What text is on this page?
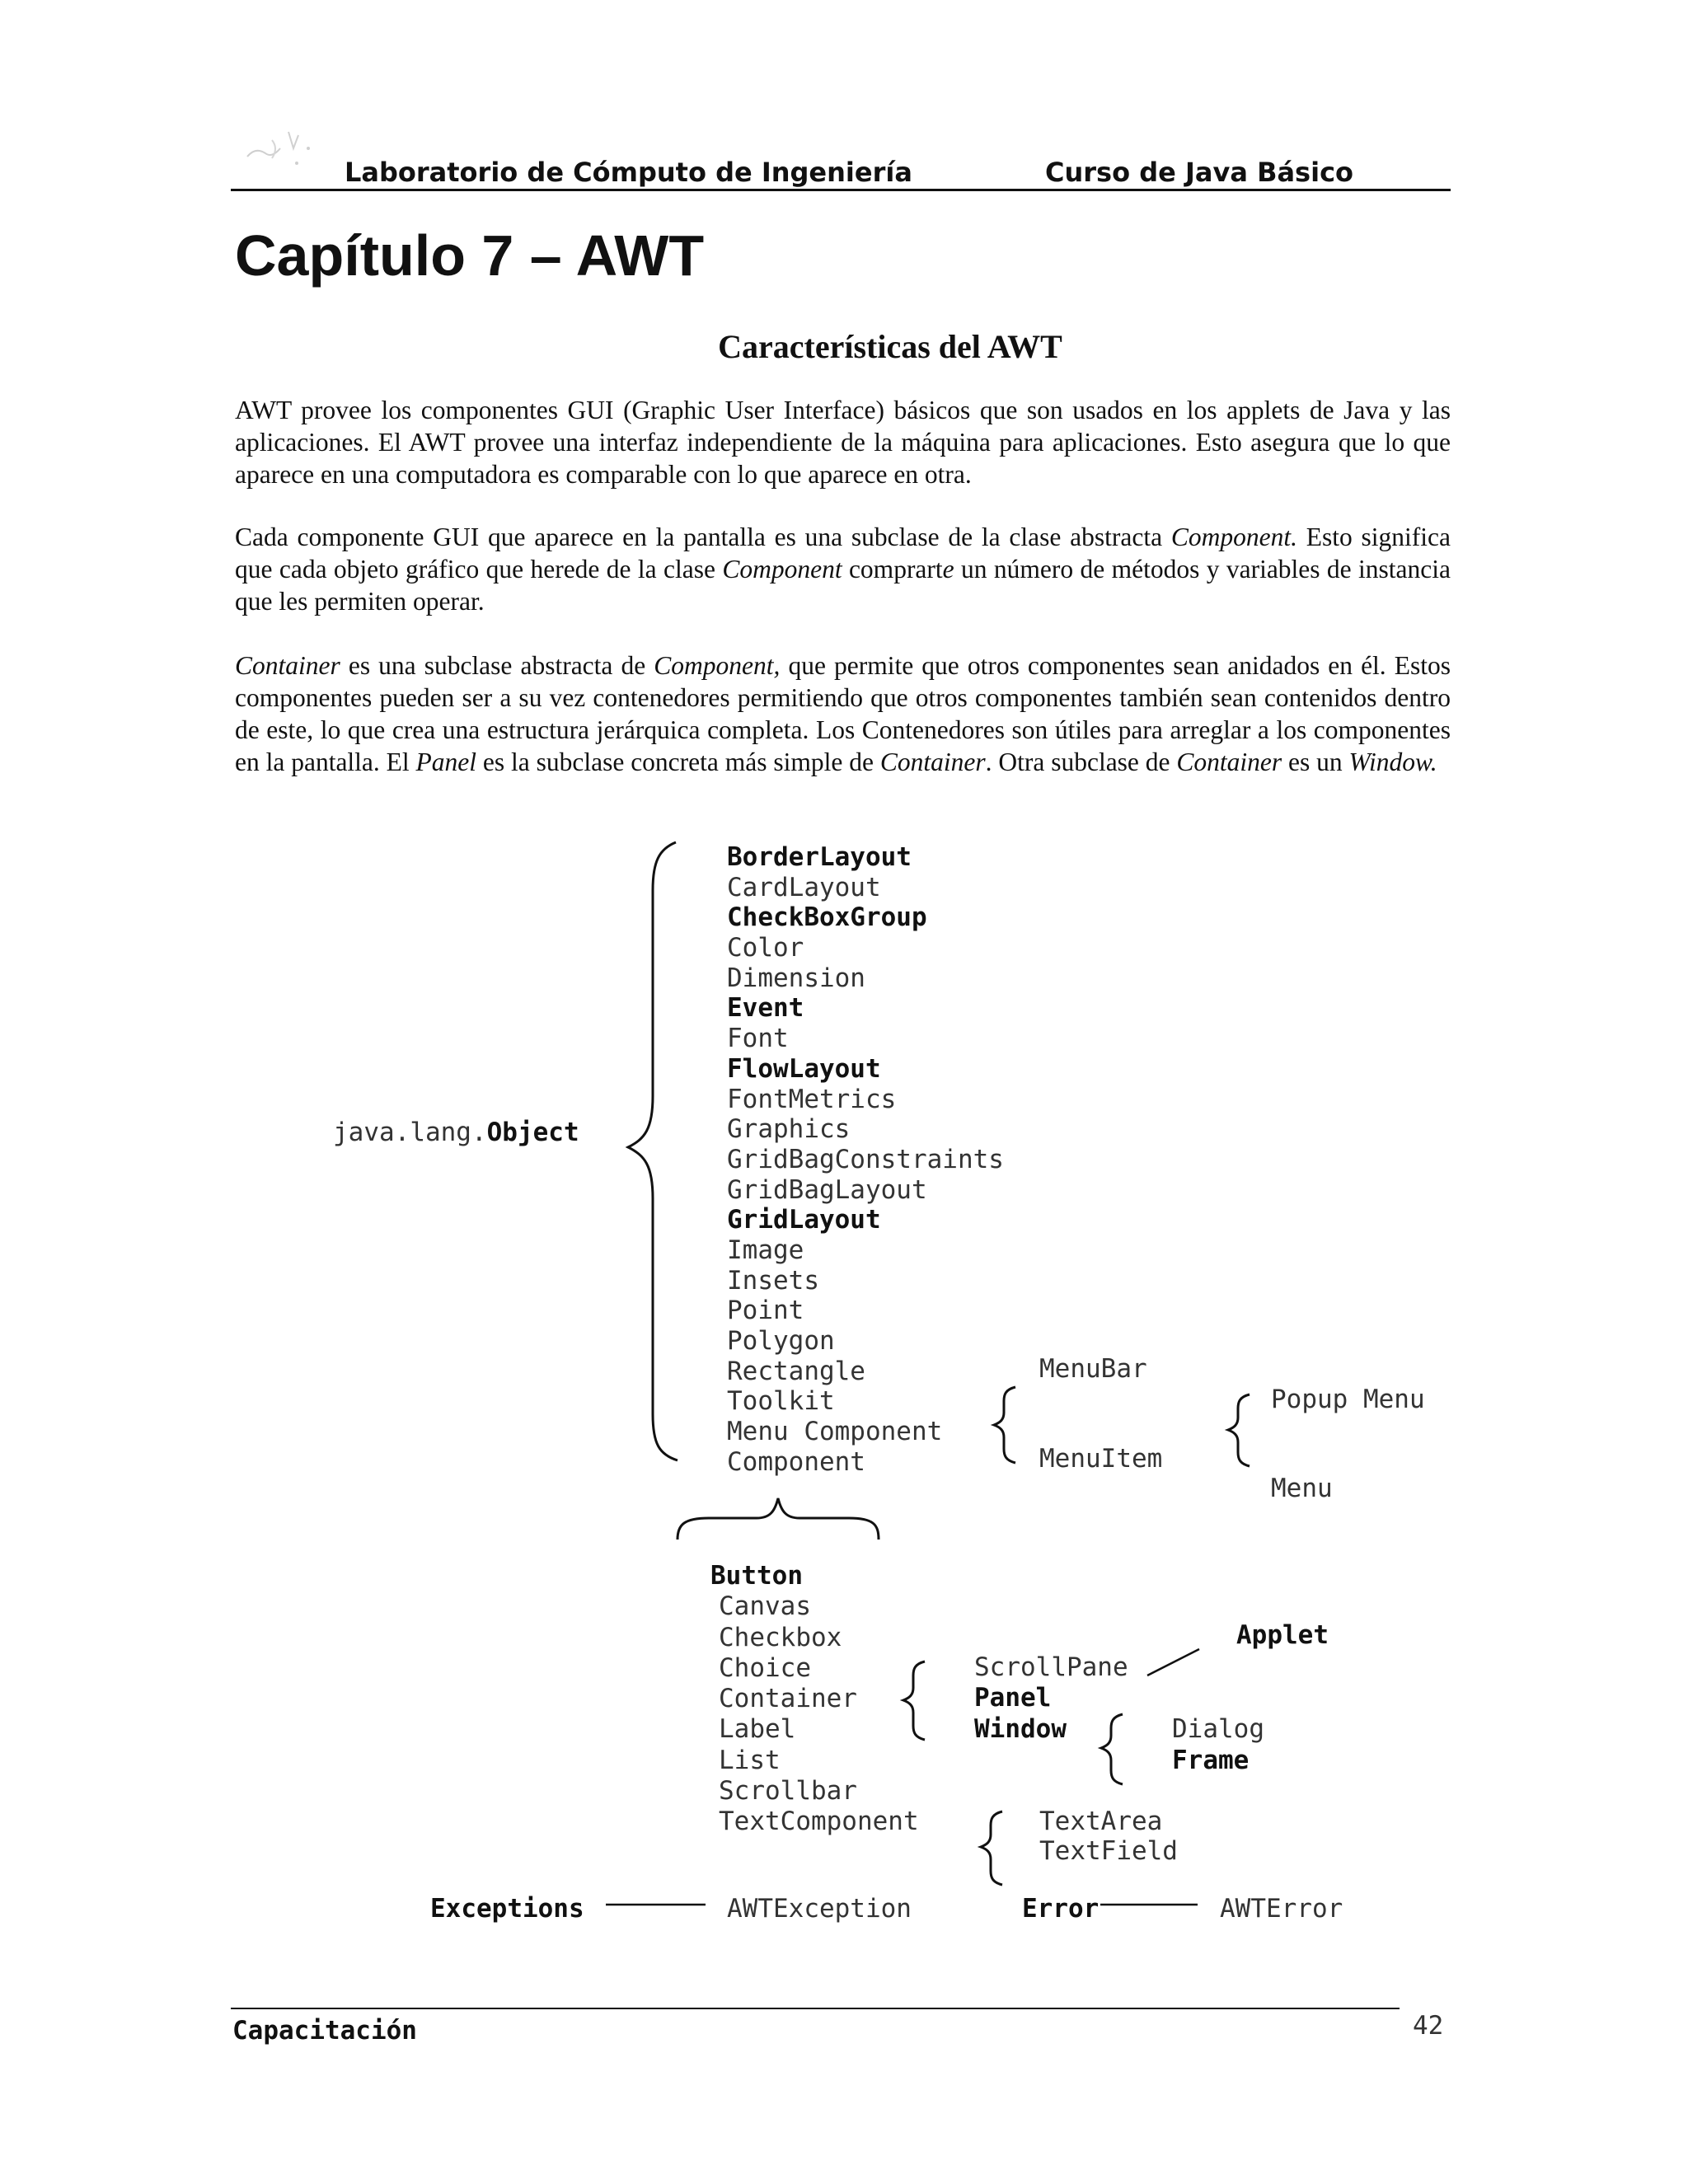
Laboratorio de Cómputo de Ingeniería	Curso de Java Básico
Capítulo 7 – AWT
Características del AWT

AWT provee los componentes GUI (Graphic User Interface) básicos que son usados en los applets de Java y las aplicaciones. El AWT provee una interfaz independiente de la máquina para aplicaciones. Esto asegura que lo que aparece en una computadora es comparable con lo que aparece en otra.

Cada componente GUI que aparece en la pantalla es una subclase de la clase abstracta Component. Esto significa que cada objeto gráfico que herede de la clase Component comprarte un número de métodos y variables de instancia que les permiten operar.

Container es una subclase abstracta de Component, que permite que otros componentes sean anidados en él. Estos componentes pueden ser a su vez contenedores permitiendo que otros componentes también sean contenidos dentro de este, lo que crea una estructura jerárquica completa. Los Contenedores son útiles para arreglar a los componentes en la pantalla. El Panel es la subclase concreta más simple de Container. Otra subclase de Container es un Window.

java.lang.Object
BorderLayout
CardLayout
CheckBoxGroup
Color
Dimension
Event
Font
FlowLayout
FontMetrics
Graphics
GridBagConstraints
GridBagLayout
GridLayout
Image
Insets
Point
Polygon
Rectangle
Toolkit
Menu Component
Component
MenuBar
MenuItem
Popup Menu
Menu
Button
Canvas
Checkbox
Choice
Container
Label
List
Scrollbar
TextComponent
ScrollPane
Panel
Window
Applet
Dialog
Frame
TextArea
TextField
Exceptions	AWTException	Error	AWTError
Capacitación	42
